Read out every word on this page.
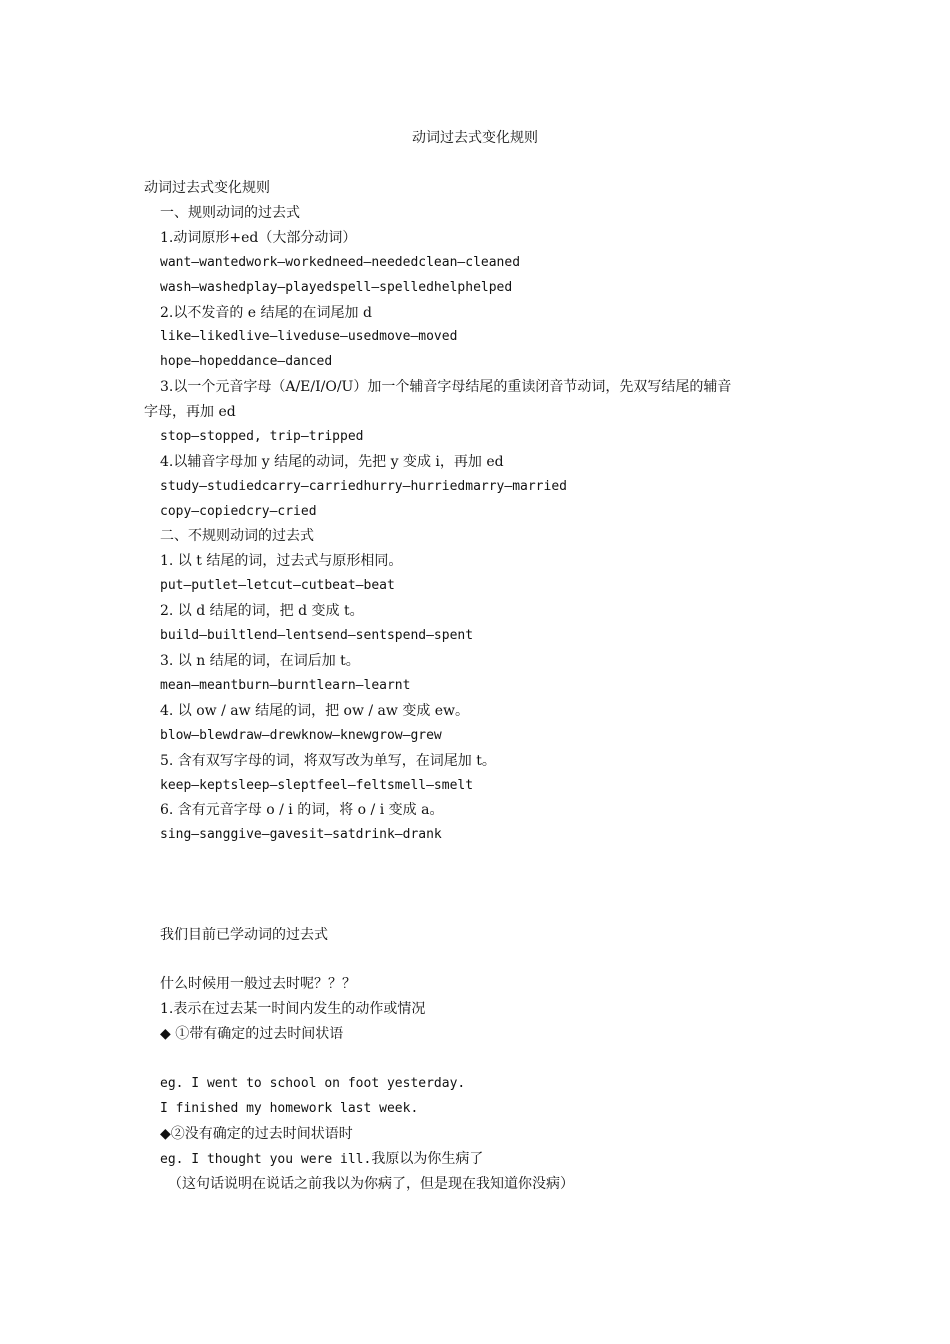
动词过去式变化规则
动词过去式变化规则
一、规则动词的过去式
1.动词原形+ed（大部分动词）
want—wantedwork—workedneed—neededclean—cleaned
wash—washedplay—playedspell—spelledhelphelped
2.以不发音的 e 结尾的在词尾加 d
like—likedlive—liveduse—usedmove—moved
hope—hopeddance—danced
3.以一个元音字母（A/E/I/O/U）加一个辅音字母结尾的重读闭音节动词，先双写结尾的辅音
字母，再加 ed
stop—stopped, trip—tripped
4.以辅音字母加 y 结尾的动词，先把 y 变成 i，再加 ed
study—studiedcarry—carriedhurry—hurriedmarry—married
copy—copiedcry—cried
二、不规则动词的过去式
1. 以 t 结尾的词，过去式与原形相同。
put—putlet—letcut—cutbeat—beat
2. 以 d 结尾的词，把 d 变成 t。
build—builtlend—lentsend—sentspend—spent
3. 以 n 结尾的词，在词后加 t。
mean—meantburn—burntlearn—learnt
4. 以 ow / aw 结尾的词，把 ow / aw 变成 ew。
blow—blewdraw—drewknow—knewgrow—grew
5. 含有双写字母的词，将双写改为单写，在词尾加 t。
keep—keptsleep—sleptfeel—feltsmell—smelt
6. 含有元音字母 o / i 的词，将 o / i 变成 a。
sing—sanggive—gavesit—satdrink—drank
我们目前已学动词的过去式
什么时候用一般过去时呢？？？
1.表示在过去某一时间内发生的动作或情况
◆ ①带有确定的过去时间状语
eg. I went to school on foot yesterday.
I finished my homework last week.
◆②没有确定的过去时间状语时
eg. I thought you were ill.我原以为你生病了
（这句话说明在说话之前我以为你病了，但是现在我知道你没病）
